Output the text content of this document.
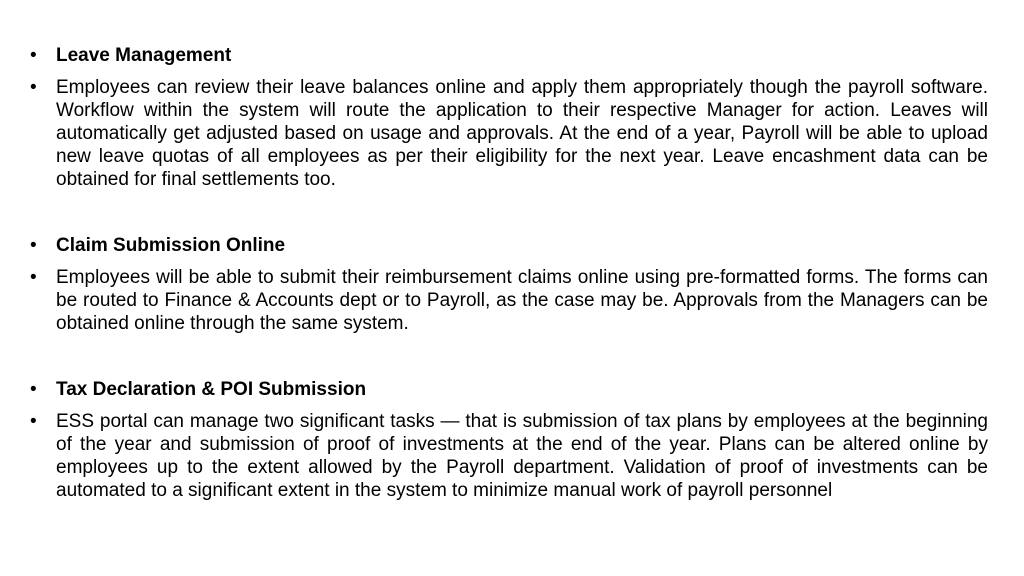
•	Leave Management
•	Employees can review their leave balances online and apply them appropriately though the payroll software. Workflow within the system will route the application to their respective Manager for action. Leaves will automatically get adjusted based on usage and approvals. At the end of a year, Payroll will be able to upload new leave quotas of all employees as per their eligibility for the next year. Leave encashment data can be obtained for final settlements too.
•	Claim Submission Online
•	Employees will be able to submit their reimbursement claims online using pre-formatted forms. The forms can be routed to Finance & Accounts dept or to Payroll, as the case may be. Approvals from the Managers can be obtained online through the same system.
•	Tax Declaration & POI Submission
•	ESS portal can manage two significant tasks — that is submission of tax plans by employees at the beginning of the year and submission of proof of investments at the end of the year. Plans can be altered online by employees up to the extent allowed by the Payroll department. Validation of proof of investments can be automated to a significant extent in the system to minimize manual work of payroll personnel
